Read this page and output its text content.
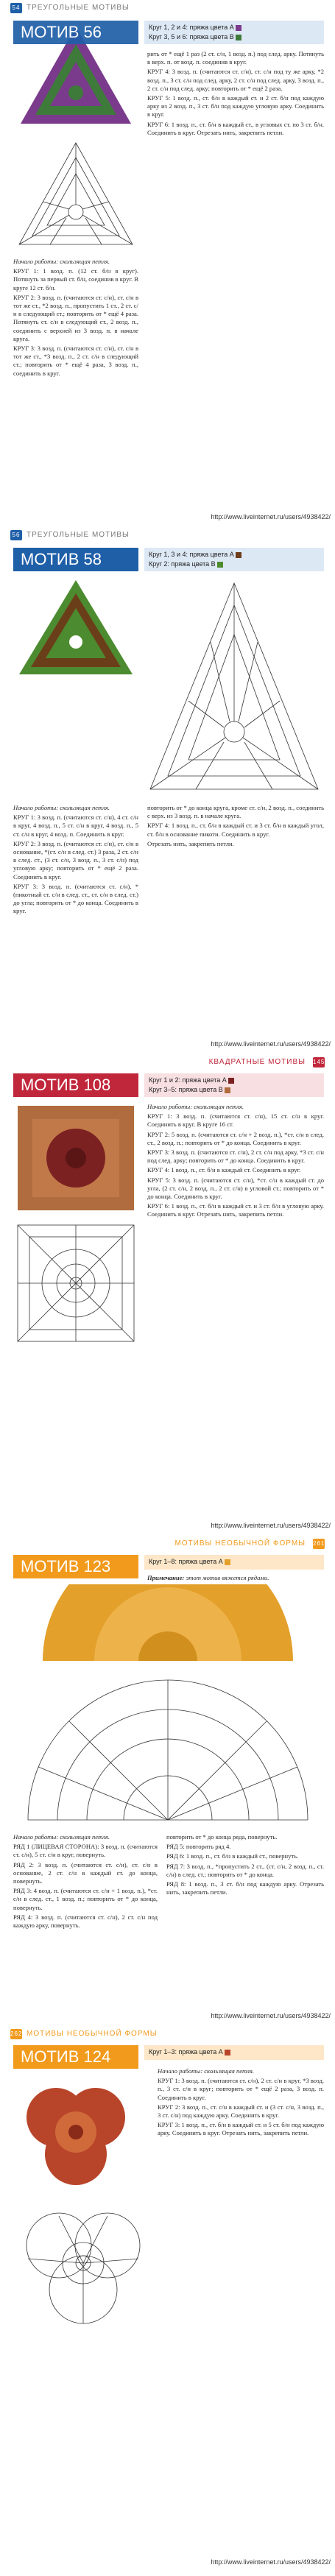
54 ТРЕУГОЛЬНЫЕ МОТИВЫ
МОТИВ 56	Круг 1, 2 и 4: пряжа цвета А
Круг 3, 5 и 6: пряжа цвета В

Начало работы: скользящая петля.

КРУГ 1: 1 возд. п. (12 ст. б/н в круг). Потянуть за первый ст. б/н, соединив в круг. В круге 12 ст. б/н.

КРУГ 2: 3 возд. п. (считаются ст. с/н), ст. с/н в тот же ст., *2 возд. п., пропустить 1 ст., 2 ст. с/н в следующий ст.; повторить от * ещё 4 раза. Потянуть ст. с/н в следующий ст., 2 возд. п., соединить с верхней из 3 возд. п. в начале круга.

КРУГ 3: 3 возд. п. (считаются ст. с/н), ст. с/н в тот же ст., *3 возд. п., 2 ст. с/н в следующий ст.; повторить от * ещё 4 раза, 3 возд. п., соединить в круг.

рить от * ещё 1 раз (2 ст. с/н, 1 возд. п.) под след. арку. Потянуть в верх. п. от возд. п. соединив в круг.

КРУГ 4: 3 возд. п. (считаются ст. с/н), ст. с/н под ту же арку, *2 возд. п., 3 ст. с/н под след. арку, 2 ст. с/н под след. арку, 3 возд. п., 2 ст. с/н под след. арку; повторить от * ещё 2 раза.

КРУГ 5: 1 возд. п., ст. б/н в каждый ст. и 2 ст. б/н под каждую арку из 2 возд. п., 3 ст. б/н под каждую угловую арку. Соединить в круг.

КРУГ 6: 1 возд. п., ст. б/н в каждый ст., в угловых ст. по 3 ст. б/н. Соединить в круг. Отрезать нить, закрепить петли.

http://www.liveinternet.ru/users/4938422/
56 ТРЕУГОЛЬНЫЕ МОТИВЫ
МОТИВ 58	Круг 1, 3 и 4: пряжа цвета А
Круг 2: пряжа цвета В

Начало работы: скользящая петля.

КРУГ 1: 3 возд. п. (считаются ст. с/н), 4 ст. с/н в круг, 4 возд. п., 5 ст. с/н в круг, 4 возд. п., 5 ст. с/н в круг, 4 возд. п. Соединить в круг.

КРУГ 2: 3 возд. п. (считаются ст. с/н), ст. с/н в основание, *(ст. с/н в след. ст.) 3 раза, 2 ст. с/н в след. ст., (3 ст. с/н, 3 возд. п., 3 ст. с/н) под угловую арку; повторить от * ещё 2 раза. Соединить в круг.

КРУГ 3: 3 возд. п. (считаются ст. с/н), *(пикотный ст. с/н в след. ст., ст. с/н в след. ст.) до угла; повторить от * до конца. Соединить в круг.

повторить от * до конца круга, кроме ст. с/н, 2 возд. п., соединить с верх. из 3 возд. п. в начале круга.

КРУГ 4: 1 возд. п., ст. б/н в каждый ст. и 3 ст. б/н в каждый угол, ст. б/н в основание пикоти. Соединить в круг.

Отрезать нить, закрепить петли.

http://www.liveinternet.ru/users/4938422/
КВАДРАТНЫЕ МОТИВЫ 145
МОТИВ 108	Круг 1 и 2: пряжа цвета А
Круг 3–5: пряжа цвета В

Начало работы: скользящая петля.

КРУГ 1: 3 возд. п. (считаются ст. с/н), 15 ст. с/н в круг. Соединить в круг. В круге 16 ст.

КРУГ 2: 5 возд. п. (считаются ст. с/н + 2 возд. п.), *ст. с/н в след. ст., 2 возд. п.; повторить от * до конца. Соединить в круг.

КРУГ 3: 3 возд. п. (считаются ст. с/н), 2 ст. с/н под арку, *3 ст. с/н под след. арку; повторить от * до конца. Соединить в круг.

КРУГ 4: 1 возд. п., ст. б/н в каждый ст. Соединить в круг.

КРУГ 5: 3 возд. п. (считаются ст. с/н), *ст. с/н в каждый ст. до угла, (2 ст. с/н, 2 возд. п., 2 ст. с/н) в угловой ст.; повторить от * до конца. Соединить в круг.

КРУГ 6: 1 возд. п., ст. б/н в каждый ст. и 3 ст. б/н в угловую арку. Соединить в круг. Отрезать нить, закрепить петли.

http://www.liveinternet.ru/users/4938422/
МОТИВЫ НЕОБЫЧНОЙ ФОРМЫ 261
МОТИВ 123	Круг 1–8: пряжа цвета А
Примечание: этот мотив вяжется рядами.

Начало работы: скользящая петля.

РЯД 1 (ЛИЦЕВАЯ СТОРОНА): 3 возд. п. (считаются ст. с/н), 5 ст. с/н в круг, повернуть.

РЯД 2: 3 возд. п. (считаются ст. с/н), ст. с/н в основание, 2 ст. с/н в каждый ст. до конца, повернуть.

РЯД 3: 4 возд. п. (считаются ст. с/н + 1 возд. п.), *ст. с/н в след. ст., 1 возд. п.; повторить от * до конца, повернуть.

РЯД 4: 3 возд. п. (считаются ст. с/н), 2 ст. с/н под каждую арку, повернуть.

повторить от * до конца ряда, повернуть.

РЯД 5: повторить ряд 4.

РЯД 6: 1 возд. п., ст. б/н в каждый ст., повернуть.

РЯД 7: 3 возд. п., *пропустить 2 ст., (ст. с/н, 2 возд. п., ст. с/н) в след. ст.; повторить от * до конца.

РЯД 8: 1 возд. п., 3 ст. б/н под каждую арку. Отрезать нить, закрепить петли.

http://www.liveinternet.ru/users/4938422/
262 МОТИВЫ НЕОБЫЧНОЙ ФОРМЫ
МОТИВ 124	Круг 1–3: пряжа цвета А

Начало работы: скользящая петля.

КРУГ 1: 3 возд. п. (считаются ст. с/н), 2 ст. с/н в круг, *3 возд. п., 3 ст. с/н в круг; повторить от * ещё 2 раза, 3 возд. п. Соединить в круг.

КРУГ 2: 3 возд. п., ст. с/н в каждый ст. и (3 ст. с/н, 3 возд. п., 3 ст. с/н) под каждую арку. Соединить в круг.

КРУГ 3: 1 возд. п., ст. б/н в каждый ст. и 5 ст. б/н под каждую арку. Соединить в круг. Отрезать нить, закрепить петли.

http://www.liveinternet.ru/users/4938422/
